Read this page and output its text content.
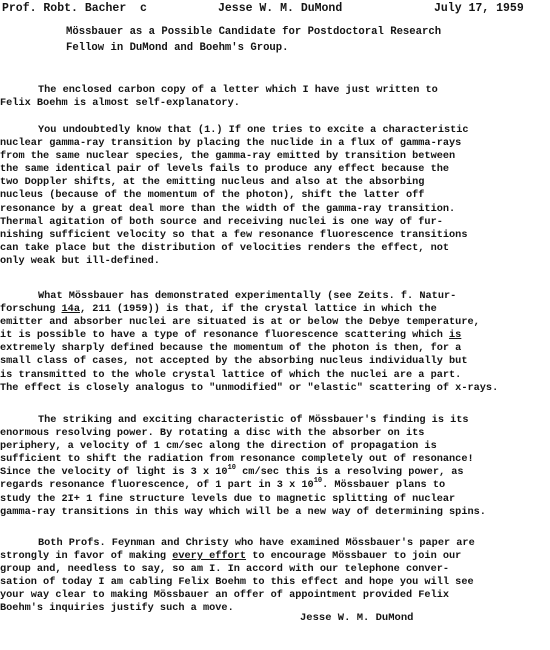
Prof. Robt. Bacher c	Jesse W. M. DuMond	July 17, 1959
Mössbauer as a Possible Candidate for Postdoctoral Research
Fellow in DuMond and Boehm's Group.
The enclosed carbon copy of a letter which I have just written to
Felix Boehm is almost self-explanatory.
You undoubtedly know that (1.) If one tries to excite a characteristic
nuclear gamma-ray transition by placing the nuclide in a flux of gamma-rays
from the same nuclear species, the gamma-ray emitted by transition between
the same identical pair of levels fails to produce any effect because the
two Doppler shifts, at the emitting nucleus and also at the absorbing
nucleus (because of the momentum of the photon), shift the latter off
resonance by a great deal more than the width of the gamma-ray transition.
Thermal agitation of both source and receiving nuclei is one way of fur-
nishing sufficient velocity so that a few resonance fluorescence transitions
can take place but the distribution of velocities renders the effect, not
only weak but ill-defined.
What Mössbauer has demonstrated experimentally (see Zeits. f. Natur-
forschung 14a, 211 (1959)) is that, if the crystal lattice in which the
emitter and absorber nuclei are situated is at or below the Debye temperature,
it is possible to have a type of resonance fluorescence scattering which is
extremely sharply defined because the momentum of the photon is then, for a
small class of cases, not accepted by the absorbing nucleus individually but
is transmitted to the whole crystal lattice of which the nuclei are a part.
The effect is closely analogus to "unmodified" or "elastic" scattering of x-rays.
The striking and exciting characteristic of Mössbauer's finding is its
enormous resolving power. By rotating a disc with the absorber on its
periphery, a velocity of 1 cm/sec along the direction of propagation is
sufficient to shift the radiation from resonance completely out of resonance!
Since the velocity of light is 3 x $10^{10}$ cm/sec this is a resolving power, as
regards resonance fluorescence, of 1 part in 3 x $10^{10}$. Mössbauer plans to
study the 2I+ 1 fine structure levels due to magnetic splitting of nuclear
gamma-ray transitions in this way which will be a new way of determining spins.
Both Profs. Feynman and Christy who have examined Mössbauer's paper are
strongly in favor of making every effort to encourage Mössbauer to join our
group and, needless to say, so am I. In accord with our telephone conver-
sation of today I am cabling Felix Boehm to this effect and hope you will see
your way clear to making Mössbauer an offer of appointment provided Felix
Boehm's inquiries justify such a move.
Jesse W. M. DuMond
